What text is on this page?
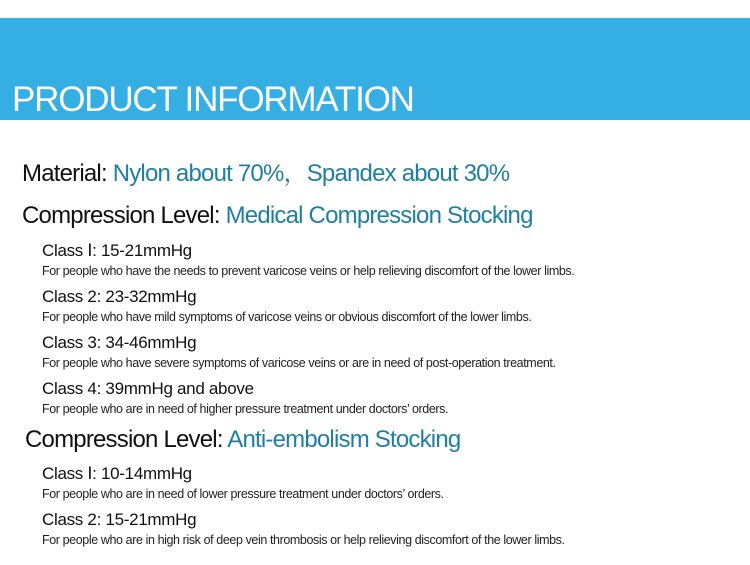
PRODUCT INFORMATION
Material: Nylon about 70%，Spandex about 30%
Compression Level: Medical Compression Stocking
Class Ⅰ: 15-21mmHg
For people who have the needs to prevent varicose veins or help relieving discomfort of the lower limbs.
Class 2: 23-32mmHg
For people who have mild symptoms of varicose veins or obvious discomfort of the lower limbs.
Class 3: 34-46mmHg
For people who have severe symptoms of varicose veins or are in need of post-operation treatment.
Class 4: 39mmHg and above
For people who are in need of higher pressure treatment under doctors’ orders.
Compression Level: Anti-embolism Stocking
Class Ⅰ: 10-14mmHg
For people who are in need of lower pressure treatment under doctors’ orders.
Class 2: 15-21mmHg
For people who are in high risk of deep vein thrombosis or help relieving discomfort of the lower limbs.
